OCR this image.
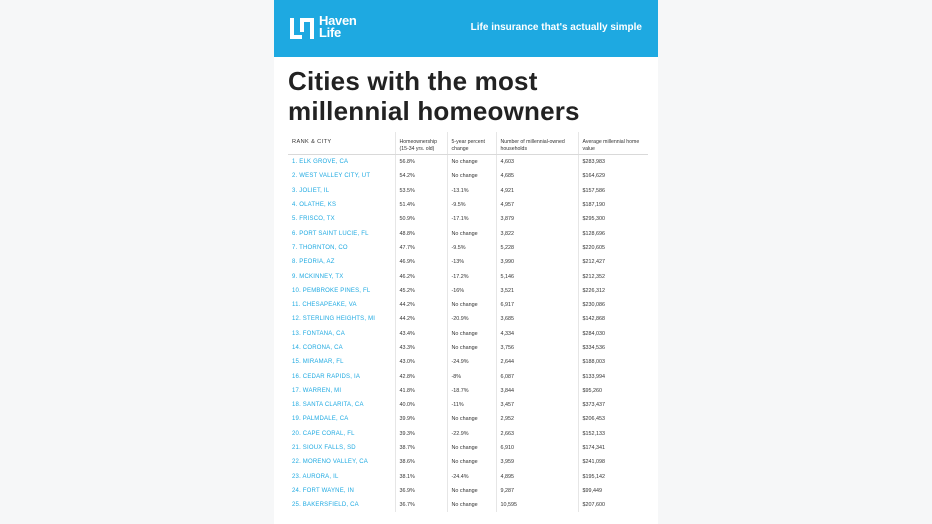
Haven
Life	Life insurance that's actually simple
Cities with the most
millennial homeowners
RANK & CITY	Homeownership (15-34 yrs. old)	5-year percent change	Number of millennial-owned households	Average millennial home value
1. ELK GROVE, CA	56.8%	No change	4,603	$283,983
2. WEST VALLEY CITY, UT	54.2%	No change	4,685	$164,629
3. JOLIET, IL	53.5%	-13.1%	4,921	$157,586
4. OLATHE, KS	51.4%	-9.5%	4,957	$187,190
5. FRISCO, TX	50.9%	-17.1%	3,879	$295,300
6. PORT SAINT LUCIE, FL	48.8%	No change	3,822	$128,696
7. THORNTON, CO	47.7%	-9.5%	5,228	$220,605
8. PEORIA, AZ	46.9%	-13%	3,990	$212,427
9. MCKINNEY, TX	46.2%	-17.2%	5,146	$212,352
10. PEMBROKE PINES, FL	45.2%	-16%	3,521	$226,312
11. CHESAPEAKE, VA	44.2%	No change	6,917	$230,086
12. STERLING HEIGHTS, MI	44.2%	-20.9%	3,685	$142,868
13. FONTANA, CA	43.4%	No change	4,334	$284,030
14. CORONA, CA	43.3%	No change	3,756	$334,536
15. MIRAMAR, FL	43.0%	-24.9%	2,644	$188,003
16. CEDAR RAPIDS, IA	42.8%	-8%	6,087	$133,994
17. WARREN, MI	41.8%	-18.7%	3,844	$95,260
18. SANTA CLARITA, CA	40.0%	-11%	3,457	$373,437
19. PALMDALE, CA	39.9%	No change	2,952	$206,453
20. CAPE CORAL, FL	39.3%	-22.9%	2,663	$152,133
21. SIOUX FALLS, SD	38.7%	No change	6,910	$174,341
22. MORENO VALLEY, CA	38.6%	No change	3,959	$241,098
23. AURORA, IL	38.1%	-24.4%	4,895	$195,142
24. FORT WAYNE, IN	36.9%	No change	9,287	$99,449
25. BAKERSFIELD, CA	36.7%	No change	10,595	$207,600
